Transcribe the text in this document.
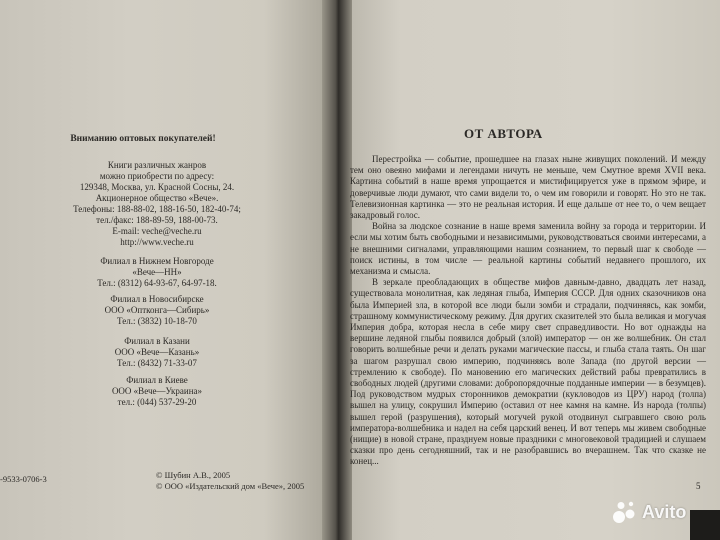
Вниманию оптовых покупателей!
Книги различных жанров
можно приобрести по адресу:
129348, Москва, ул. Красной Сосны, 24.
Акционерное общество «Вече».
Телефоны: 188-88-02, 188-16-50, 182-40-74;
тел./факс: 188-89-59, 188-00-73.
E-mail: veche@veche.ru
http://www.veche.ru
Филиал в Нижнем Новгороде
«Вече—НН»
Тел.: (8312) 64-93-67, 64-97-18.
Филиал в Новосибирске
ООО «Оптконга—Сибирь»
Тел.: (3832) 10-18-70
Филиал в Казани
ООО «Вече—Казань»
Тел.: (8432) 71-33-07
Филиал в Киеве
ООО «Вече—Украина»
тел.: (044) 537-29-20
-9533-0706-3	© Шубин А.В., 2005
© ООО «Издательский дом «Вече», 2005
ОТ АВТОРА

Перестройка — событие, прошедшее на глазах ныне живущих поколений. И между тем оно овеяно мифами и легендами ничуть не меньше, чем Смутное время XVII века. Картина событий в наше время упрощается и мистифицируется уже в прямом эфире, и доверчивые люди думают, что сами видели то, о чем им говорили и говорят. Но это не так. Телевизионная картинка — это не реальная история. И еще дальше от нее то, о чем вещает закадровый голос.

Война за людское сознание в наше время заменила войну за города и территории. И если мы хотим быть свободными и независимыми, руководствоваться своими интересами, а не внешними сигналами, управляющими нашим сознанием, то первый шаг к свободе — поиск истины, в том числе — реальной картины событий недавнего прошлого, их механизма и смысла.

В зеркале преобладающих в обществе мифов давным-давно, двадцать лет назад, существовала монолитная, как ледяная глыба, Империя СССР. Для одних сказочников она была Империей зла, в которой все люди были зомби и страдали, подчиняясь, как зомби, страшному коммунистическому режиму. Для других сказителей это была великая и могучая Империя добра, которая несла в себе миру свет справедливости. Но вот однажды на вершине ледяной глыбы появился добрый (злой) император — он же волшебник. Он стал говорить волшебные речи и делать руками магические пассы, и глыба стала таять. Он шаг за шагом разрушал свою империю, подчиняясь воле Запада (по другой версии — стремлению к свободе). По мановению его магических действий рабы превратились в свободных людей (другими словами: добропорядочные подданные империи — в безумцев). Под руководством мудрых сторонников демократии (кукловодов из ЦРУ) народ (толпа) вышел на улицу, сокрушил Империю (оставил от нее камня на камне. Из народа (толпы) вышел герой (разрушения), который могучей рукой отодвинул сыгравшего свою роль императора-волшебника и надел на себя царский венец. И вот теперь мы живем свободные (нищие) в новой стране, празднуем новые праздники с многовековой традицией и слушаем сказки про день сегодняшний, так и не разобравшись во вчерашнем. Так что сказке не конец...

5
Avito
